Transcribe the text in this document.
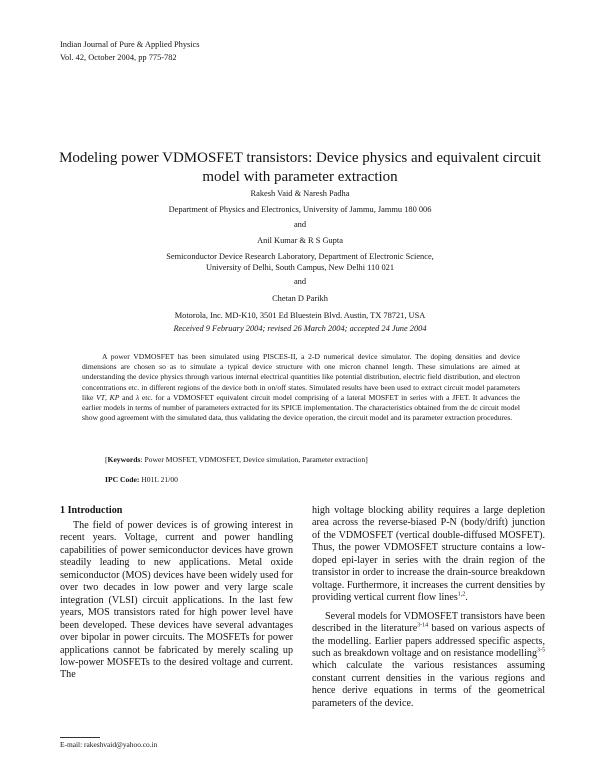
Indian Journal of Pure & Applied Physics
Vol. 42, October 2004, pp 775-782
Modeling power VDMOSFET transistors: Device physics and equivalent circuit model with parameter extraction
Rakesh Vaid & Naresh Padha
Department of Physics and Electronics, University of Jammu, Jammu 180 006
and
Anil Kumar & R S Gupta
Semiconductor Device Research Laboratory, Department of Electronic Science,
University of Delhi, South Campus, New Delhi 110 021
and
Chetan D Parikh
Motorola, Inc. MD-K10, 3501 Ed Bluestein Blvd. Austin, TX 78721, USA
Received 9 February 2004; revised 26 March 2004; accepted 24 June 2004
A power VDMOSFET has been simulated using PISCES-II, a 2-D numerical device simulator. The doping densities and device dimensions are chosen so as to simulate a typical device structure with one micron channel length. These simulations are aimed at understanding the device physics through various internal electrical quantities like potential distribution, electric field distribution, and electron concentrations etc. in different regions of the device both in on/off states. Simulated results have been used to extract circuit model parameters like VT, KP and λ etc. for a VDMOSFET equivalent circuit model comprising of a lateral MOSFET in series with a JFET. It advances the earlier models in terms of number of parameters extracted for its SPICE implementation. The characteristics obtained from the dc circuit model show good agreement with the simulated data, thus validating the device operation, the circuit model and its parameter extraction procedures.
[Keywords: Power MOSFET, VDMOSFET, Device simulation, Parameter extraction]
IPC Code: H01L 21/00
1 Introduction

The field of power devices is of growing interest in recent years. Voltage, current and power handling capabilities of power semiconductor devices have grown steadily leading to new applications. Metal oxide semiconductor (MOS) devices have been widely used for over two decades in low power and very large scale integration (VLSI) circuit applications. In the last few years, MOS transistors rated for high power level have been developed. These devices have several advantages over bipolar in power circuits. The MOSFETs for power applications cannot be fabricated by merely scaling up low-power MOSFETs to the desired voltage and current. The

high voltage blocking ability requires a large depletion area across the reverse-biased P-N (body/drift) junction of the VDMOSFET (vertical double-diffused MOSFET). Thus, the power VDMOSFET structure contains a low-doped epi-layer in series with the drain region of the transistor in order to increase the drain-source breakdown voltage. Furthermore, it increases the current densities by providing vertical current flow lines$^{1,2}$.

Several models for VDMOSFET transistors have been described in the literature$^{3-14}$ based on various aspects of the modelling. Earlier papers addressed specific aspects, such as breakdown voltage and on resistance modelling$^{3-5}$ which calculate the various resistances assuming constant current densities in the various regions and hence derive equations in terms of the geometrical parameters of the device.

E-mail: rakeshvaid@yahoo.co.in
